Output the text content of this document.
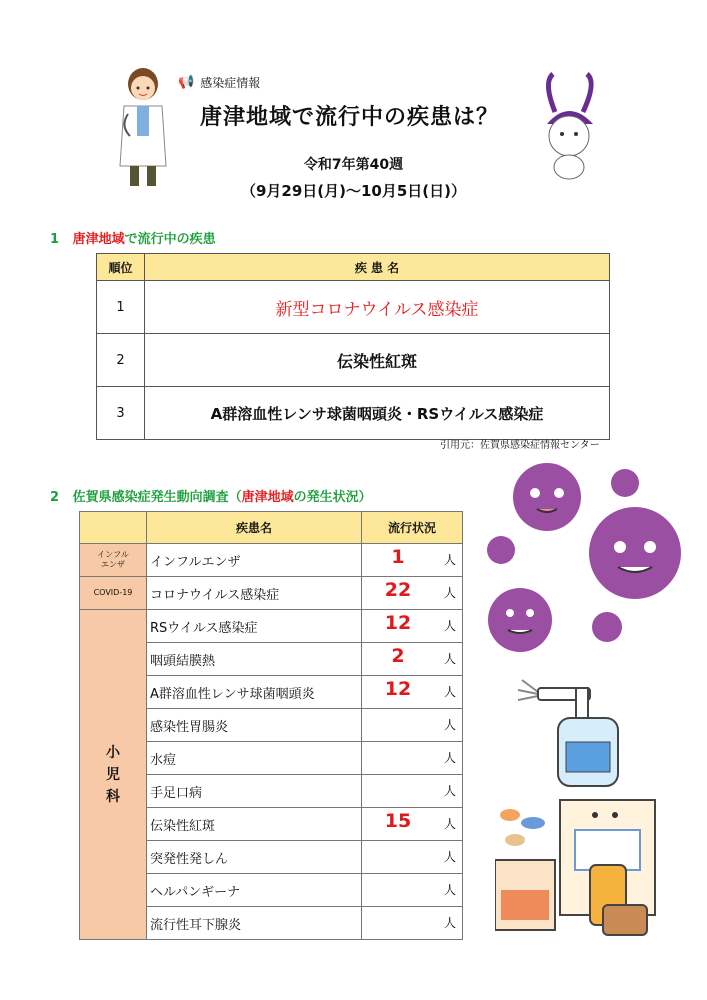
📢 感染症情報
唐津地域で流行中の疾患は？
令和7年第40週
（9月29日(月)～10月5日(日)）
1 唐津地域で流行中の疾患
順位	疾 患 名
1	新型コロナウイルス感染症
2	伝染性紅斑
3	A群溶血性レンサ球菌咽頭炎・RSウイルス感染症
引用元：佐賀県感染症情報センター
2 佐賀県感染症発生動向調査（唐津地域の発生状況）
	疾患名	流行状況
インフル
エンザ	インフルエンザ	1 人

COVID-19	コロナウイルス感染症	22 人

小
児
科	RSウイルス感染症	12 人

	咽頭結膜熱	2 人

	A群溶血性レンサ球菌咽頭炎	12 人

	感染性胃腸炎	人

	水痘	人

	手足口病	人

	伝染性紅斑	15 人

	突発性発しん	人

	ヘルパンギーナ	人

	流行性耳下腺炎	人
